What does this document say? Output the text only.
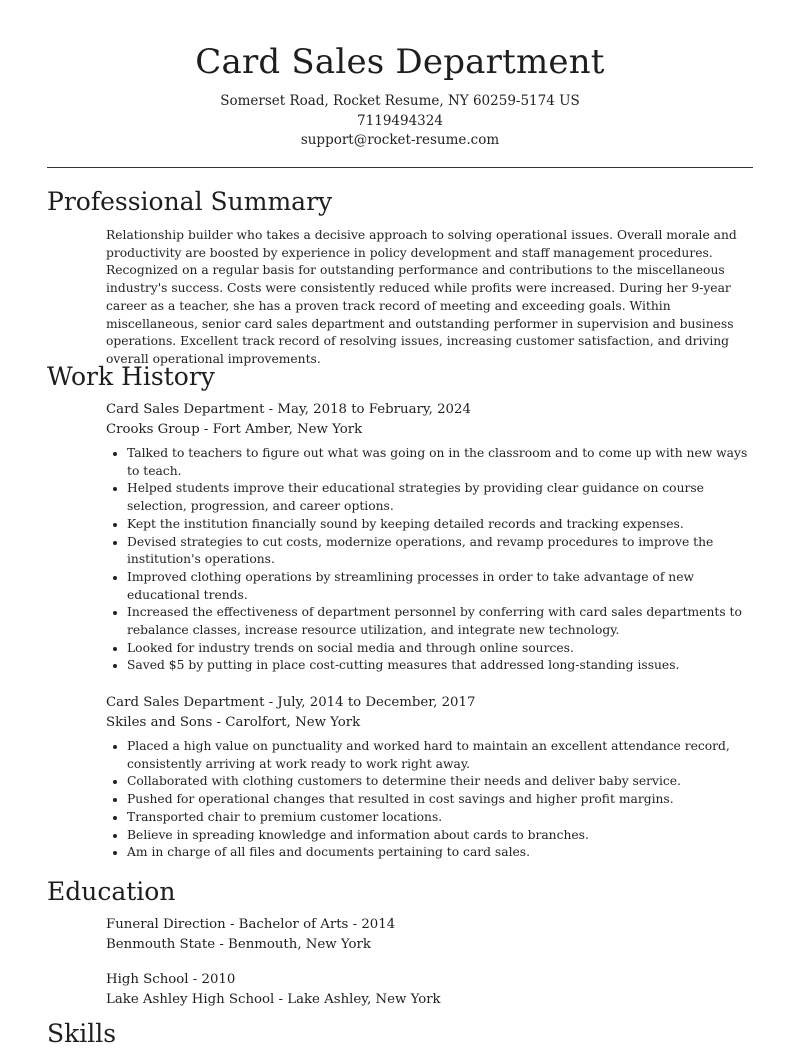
Card Sales Department
Somerset Road, Rocket Resume, NY 60259-5174 US
7119494324
support@rocket-resume.com
Professional Summary

Relationship builder who takes a decisive approach to solving operational issues. Overall morale and productivity are boosted by experience in policy development and staff management procedures. Recognized on a regular basis for outstanding performance and contributions to the miscellaneous industry's success. Costs were consistently reduced while profits were increased. During her 9-year career as a teacher, she has a proven track record of meeting and exceeding goals. Within miscellaneous, senior card sales department and outstanding performer in supervision and business operations. Excellent track record of resolving issues, increasing customer satisfaction, and driving overall operational improvements.

Work History
Card Sales Department - May, 2018 to February, 2024
Crooks Group - Fort Amber, New York
• Talked to teachers to figure out what was going on in the classroom and to come up with new ways to teach.
• Helped students improve their educational strategies by providing clear guidance on course selection, progression, and career options.
• Kept the institution financially sound by keeping detailed records and tracking expenses.
• Devised strategies to cut costs, modernize operations, and revamp procedures to improve the institution's operations.
• Improved clothing operations by streamlining processes in order to take advantage of new educational trends.
• Increased the effectiveness of department personnel by conferring with card sales departments to rebalance classes, increase resource utilization, and integrate new technology.
• Looked for industry trends on social media and through online sources.
• Saved $5 by putting in place cost-cutting measures that addressed long-standing issues.
Card Sales Department - July, 2014 to December, 2017
Skiles and Sons - Carolfort, New York
• Placed a high value on punctuality and worked hard to maintain an excellent attendance record, consistently arriving at work ready to work right away.
• Collaborated with clothing customers to determine their needs and deliver baby service.
• Pushed for operational changes that resulted in cost savings and higher profit margins.
• Transported chair to premium customer locations.
• Believe in spreading knowledge and information about cards to branches.
• Am in charge of all files and documents pertaining to card sales.
Education
Funeral Direction - Bachelor of Arts - 2014
Benmouth State - Benmouth, New York
High School - 2010
Lake Ashley High School - Lake Ashley, New York
Skills
